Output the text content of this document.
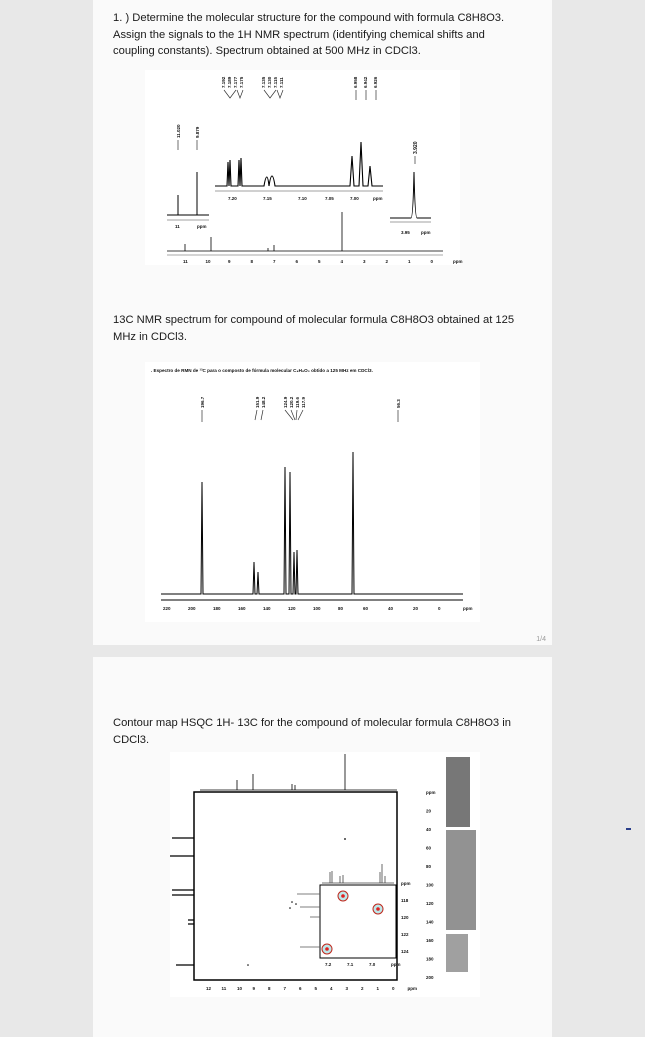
1. ) Determine the molecular structure for the compound with formula C8H8O3.
Assign the signals to the 1H NMR spectrum (identifying chemical shifts and
coupling constants). Spectrum obtained at 500 MHz in CDCl3.
7.192 7.189 7.177 7.175	7.135 7.130 7.115 7.111	6.958 6.942 6.926
11.020	9.879
3.920
7.20	7.15	7.10	7.05	7.00	ppm
11	ppm
3.95 ppm
11	10	9	8	7	6	5	4	3	2	1	0	ppm
13C NMR spectrum for compound of molecular formula C8H8O3 obtained at 125
MHz in CDCl3.
. Espectro de RMN de ¹³C para o composto de fórmula molecular C₈H₈O₃ obtido a 125 MHz em CDCl3.
196.7	151.9 148.2	124.9 120.2 119.6 117.9	56.3
220	200	180	160	140	120	100	80	60	40	20	0	ppm
1/4
Contour map HSQC 1H- 13C for the compound of molecular formula C8H8O3 in
CDCl3.
12 11 10 9	8	7	6	5	4	3	2	1	0	ppm
ppm
20
40
60
80
100
120
140
160
180
200
7.2	7.1	7.0	ppm
ppm
118
120
122
124
